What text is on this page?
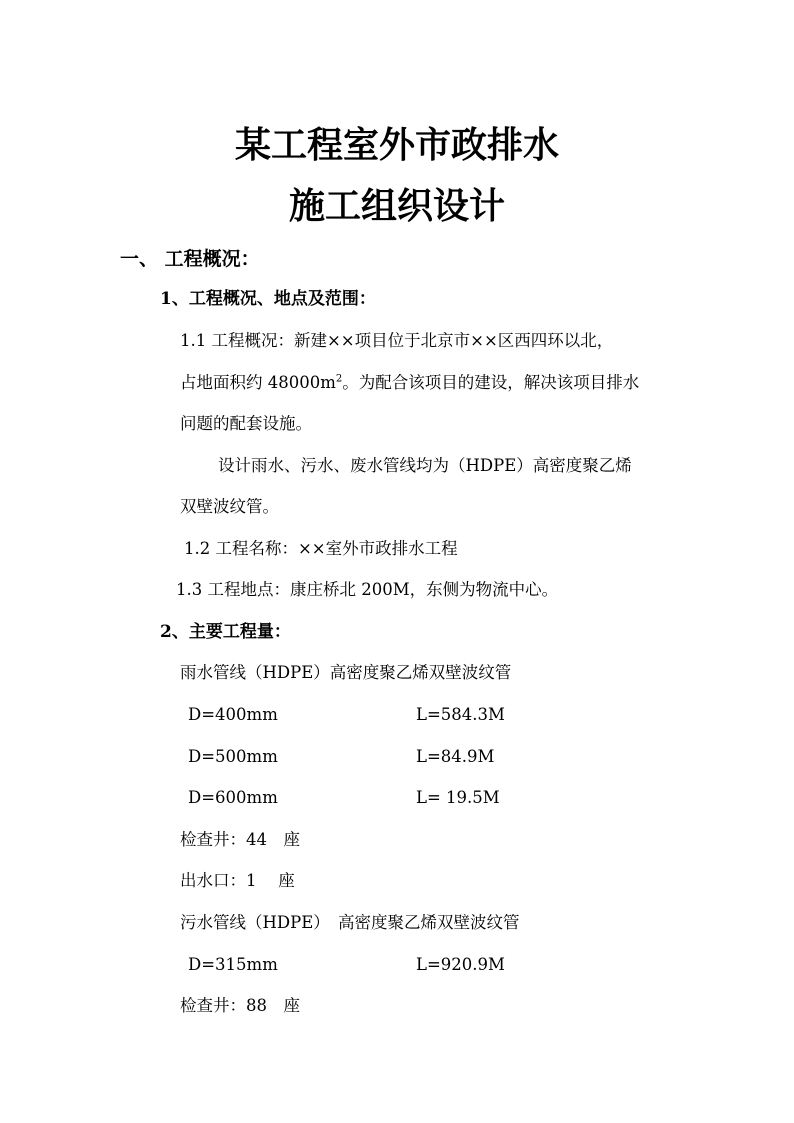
某工程室外市政排水
施工组织设计
一、 工程概况：
1、工程概况、地点及范围：
1.1 工程概况：新建××项目位于北京市××区西四环以北，
占地面积约 $48000m^2$。为配合该项目的建设，解决该项目排水
问题的配套设施。
设计雨水、污水、废水管线均为（HDPE）高密度聚乙烯
双壁波纹管。
1.2 工程名称：××室外市政排水工程
1.3 工程地点：康庄桥北 200M，东侧为物流中心。
2、主要工程量：
雨水管线（HDPE）高密度聚乙烯双壁波纹管
D=400mm	L=584.3M
D=500mm	L=84.9M
D=600mm	L= 19.5M
检查井：44　座
出水口：1　 座
污水管线（HDPE）　高密度聚乙烯双壁波纹管
D=315mm	L=920.9M
检查井：88　座
